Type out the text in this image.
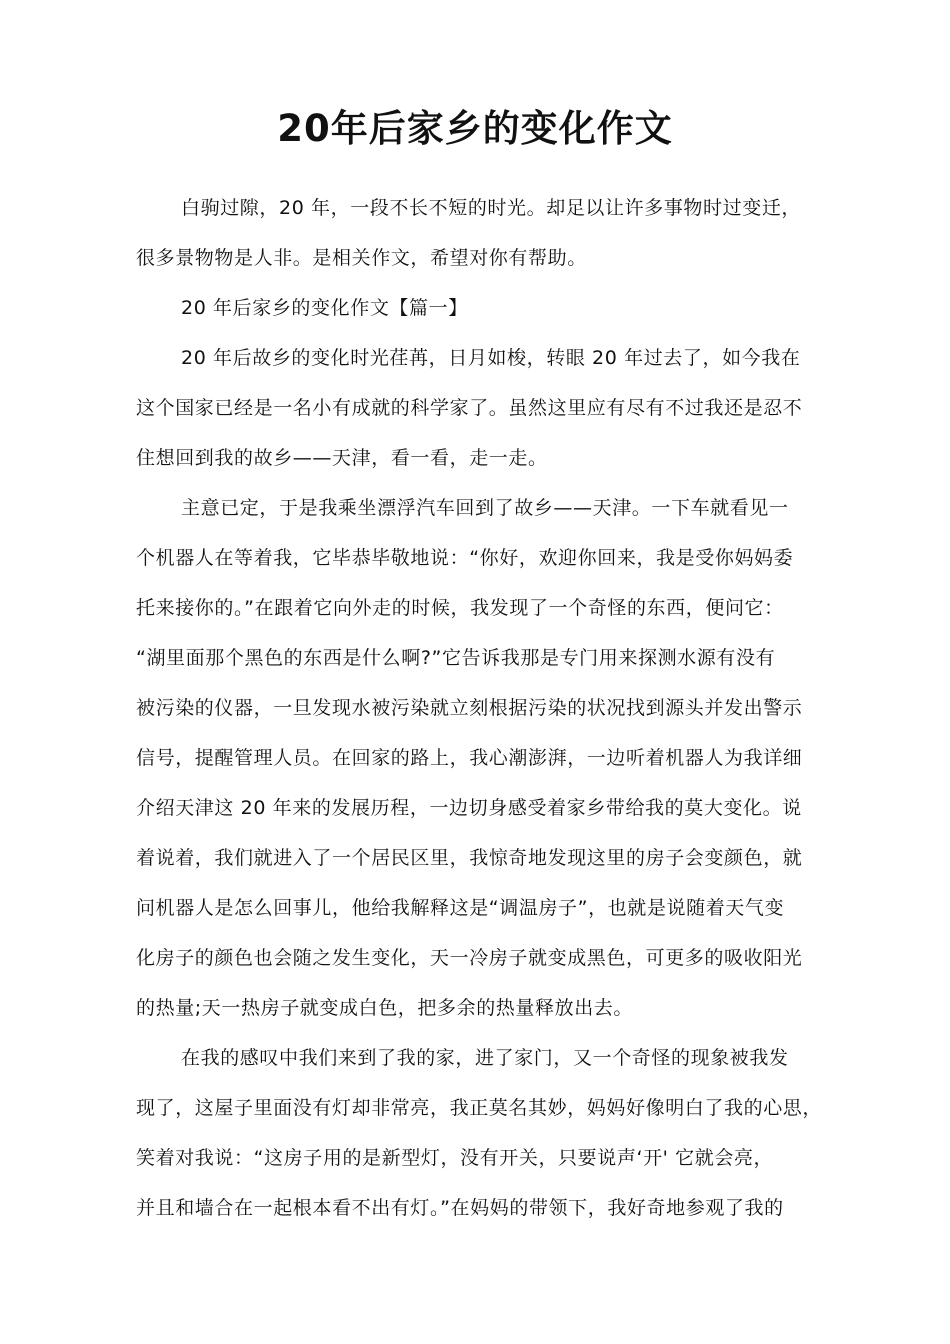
20年后家乡的变化作文
白驹过隙，20 年，一段不长不短的时光。却足以让许多事物时过变迁，
很多景物物是人非。是相关作文，希望对你有帮助。
20 年后家乡的变化作文【篇一】
20 年后故乡的变化时光荏苒，日月如梭，转眼 20 年过去了，如今我在
这个国家已经是一名小有成就的科学家了。虽然这里应有尽有不过我还是忍不
住想回到我的故乡——天津，看一看，走一走。
主意已定，于是我乘坐漂浮汽车回到了故乡——天津。一下车就看见一
个机器人在等着我，它毕恭毕敬地说：“你好，欢迎你回来，我是受你妈妈委
托来接你的。”在跟着它向外走的时候，我发现了一个奇怪的东西，便问它：
“湖里面那个黑色的东西是什么啊?”它告诉我那是专门用来探测水源有没有
被污染的仪器，一旦发现水被污染就立刻根据污染的状况找到源头并发出警示
信号，提醒管理人员。在回家的路上，我心潮澎湃，一边听着机器人为我详细
介绍天津这 20 年来的发展历程，一边切身感受着家乡带给我的莫大变化。说
着说着，我们就进入了一个居民区里，我惊奇地发现这里的房子会变颜色，就
问机器人是怎么回事儿，他给我解释这是“调温房子”，也就是说随着天气变
化房子的颜色也会随之发生变化，天一冷房子就变成黑色，可更多的吸收阳光
的热量;天一热房子就变成白色，把多余的热量释放出去。
在我的感叹中我们来到了我的家，进了家门，又一个奇怪的现象被我发
现了，这屋子里面没有灯却非常亮，我正莫名其妙，妈妈好像明白了我的心思，
笑着对我说：“这房子用的是新型灯，没有开关，只要说声‘开' 它就会亮，
并且和墙合在一起根本看不出有灯。”在妈妈的带领下，我好奇地参观了我的
